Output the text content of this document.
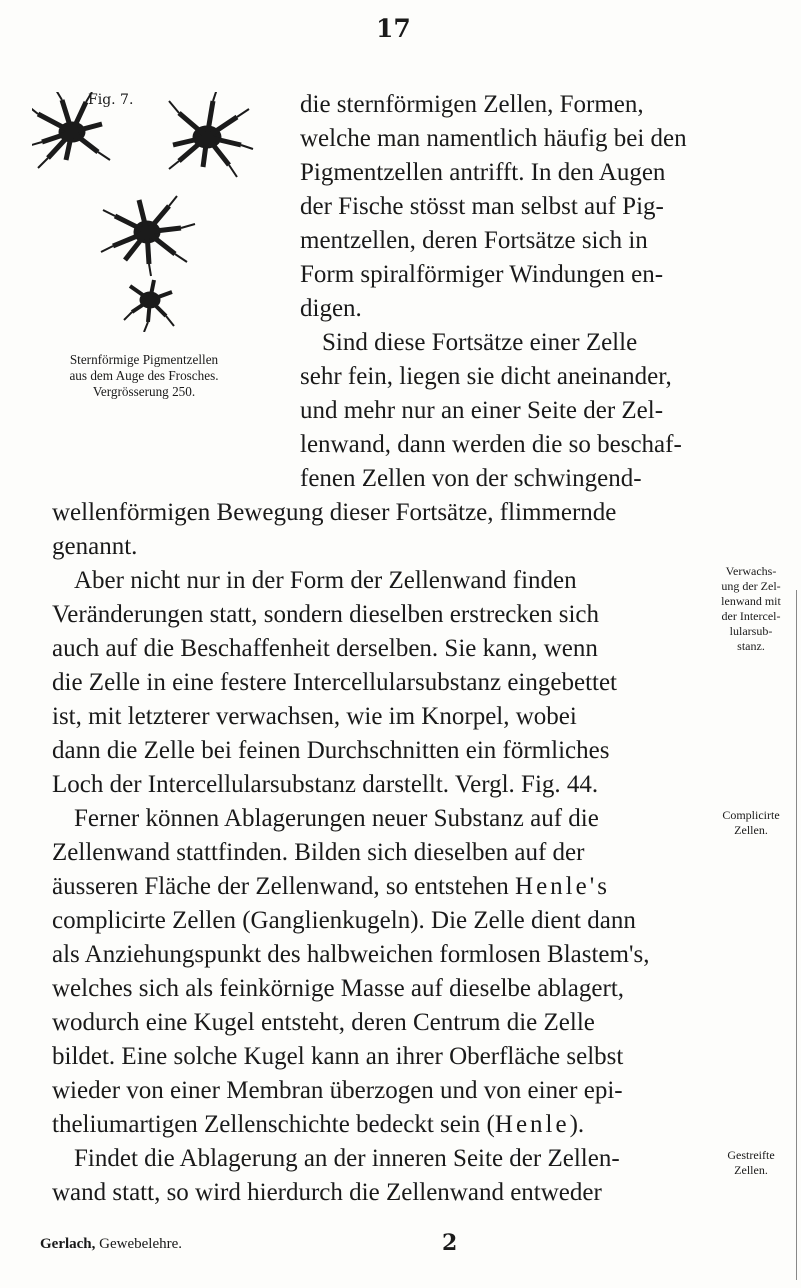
17
Fig. 7.
Sternförmige Pigmentzellen
aus dem Auge des Frosches.
Vergrösserung 250.
die sternförmigen Zellen, Formen,
welche man namentlich häufig bei den
Pigmentzellen antrifft. In den Augen
der Fische stösst man selbst auf Pig-
mentzellen, deren Fortsätze sich in
Form spiralförmiger Windungen en-
digen.
Sind diese Fortsätze einer Zelle
sehr fein, liegen sie dicht aneinander,
und mehr nur an einer Seite der Zel-
lenwand, dann werden die so beschaf-
fenen Zellen von der schwingend-
wellenförmigen Bewegung dieser Fortsätze, flimmernde
genannt.
Aber nicht nur in der Form der Zellenwand finden
Veränderungen statt, sondern dieselben erstrecken sich
auch auf die Beschaffenheit derselben. Sie kann, wenn
die Zelle in eine festere Intercellularsubstanz eingebettet
ist, mit letzterer verwachsen, wie im Knorpel, wobei
dann die Zelle bei feinen Durchschnitten ein förmliches
Loch der Intercellularsubstanz darstellt. Vergl. Fig. 44.
Ferner können Ablagerungen neuer Substanz auf die
Zellenwand stattfinden. Bilden sich dieselben auf der
äusseren Fläche der Zellenwand, so entstehen Henle's
complicirte Zellen (Ganglienkugeln). Die Zelle dient dann
als Anziehungspunkt des halbweichen formlosen Blastem's,
welches sich als feinkörnige Masse auf dieselbe ablagert,
wodurch eine Kugel entsteht, deren Centrum die Zelle
bildet. Eine solche Kugel kann an ihrer Oberfläche selbst
wieder von einer Membran überzogen und von einer epi-
theliumartigen Zellenschichte bedeckt sein (Henle).
Findet die Ablagerung an der inneren Seite der Zellen-
wand statt, so wird hierdurch die Zellenwand entweder
Verwachs-
ung der Zel-
lenwand mit
der Intercel-
lularsub-
stanz.
Complicirte
Zellen.
Gestreifte
Zellen.
Gerlach, Gewebelehre.	2
